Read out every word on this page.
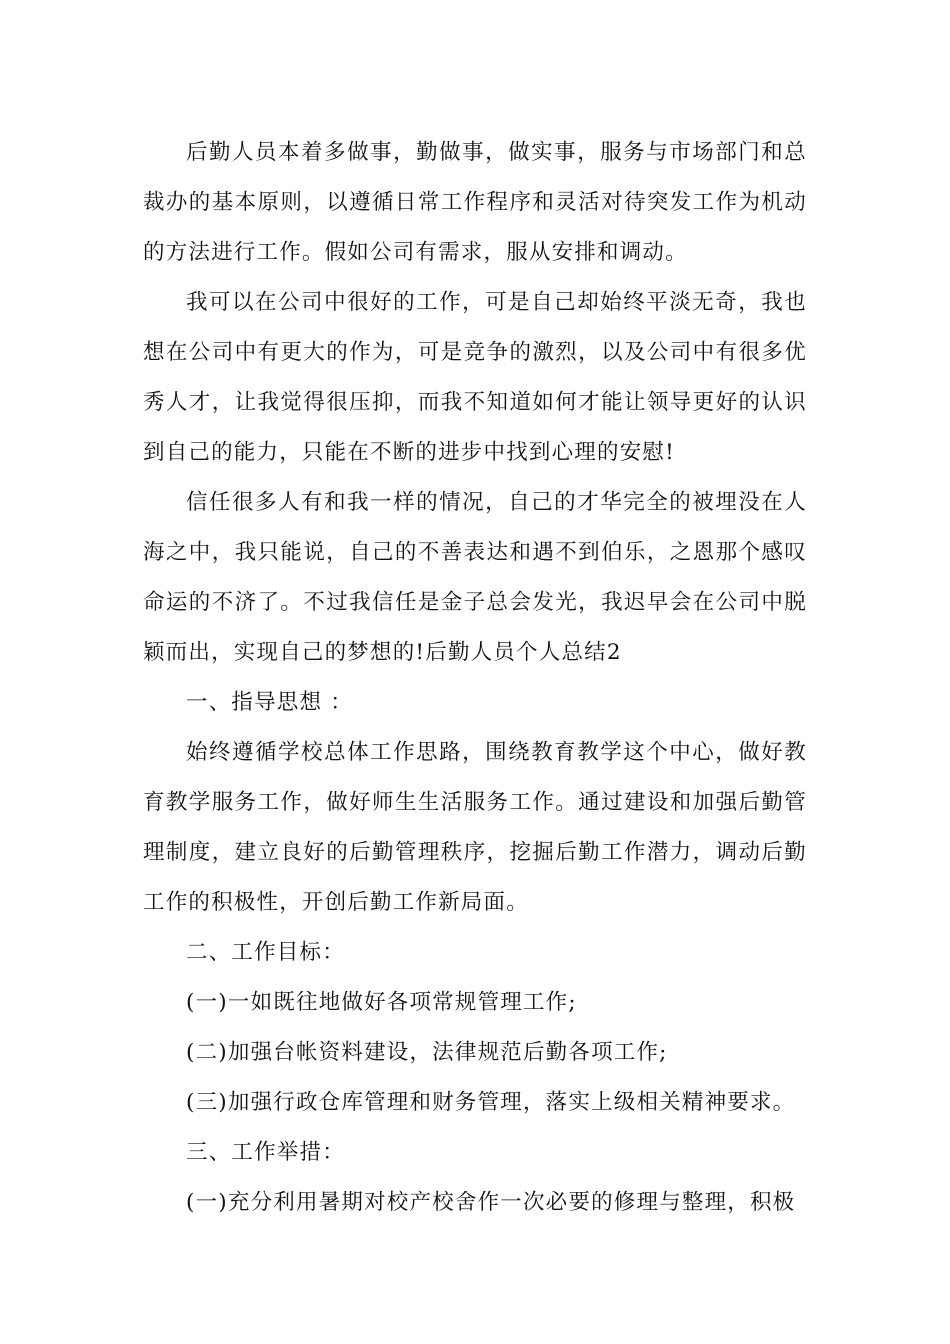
后勤人员本着多做事，勤做事，做实事，服务与市场部门和总裁办的基本原则，以遵循日常工作程序和灵活对待突发工作为机动的方法进行工作。假如公司有需求，服从安排和调动。

我可以在公司中很好的工作，可是自己却始终平淡无奇，我也想在公司中有更大的作为，可是竞争的激烈，以及公司中有很多优秀人才，让我觉得很压抑，而我不知道如何才能让领导更好的认识到自己的能力，只能在不断的进步中找到心理的安慰!

信任很多人有和我一样的情况，自己的才华完全的被埋没在人海之中，我只能说，自己的不善表达和遇不到伯乐，之恩那个感叹命运的不济了。不过我信任是金子总会发光，我迟早会在公司中脱颖而出，实现自己的梦想的!后勤人员个人总结2

一、指导思想 ：

始终遵循学校总体工作思路，围绕教育教学这个中心，做好教育教学服务工作，做好师生生活服务工作。通过建设和加强后勤管理制度，建立良好的后勤管理秩序，挖掘后勤工作潜力，调动后勤工作的积极性，开创后勤工作新局面。

二、工作目标：

(一)一如既往地做好各项常规管理工作;

(二)加强台帐资料建设，法律规范后勤各项工作;

(三)加强行政仓库管理和财务管理，落实上级相关精神要求。

三、工作举措：

(一)充分利用暑期对校产校舍作一次必要的修理与整理，积极
